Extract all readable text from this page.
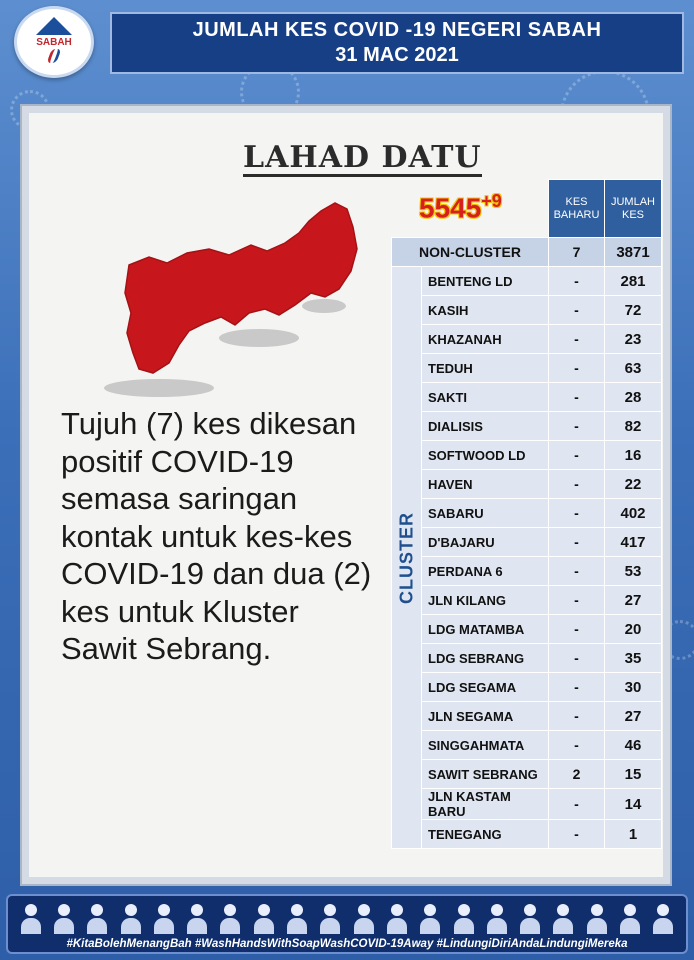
SABAH
JUMLAH KES COVID -19 NEGERI SABAH
31 MAC 2021
LAHAD DATU
$5545^{+9}$
Tujuh (7) kes dikesan positif COVID-19 semasa saringan kontak untuk kes-kes COVID-19 dan dua (2) kes untuk Kluster Sawit Sebrang.
		KES BAHARU	JUMLAH KES
NON-CLUSTER		7	3871

CLUSTER	BENTENG LD	-	281
	KASIH	-	72
	KHAZANAH	-	23
	TEDUH	-	63
	SAKTI	-	28
	DIALISIS	-	82
	SOFTWOOD LD	-	16
	HAVEN	-	22
	SABARU	-	402
	D'BAJARU	-	417
	PERDANA 6	-	53
	JLN KILANG	-	27
	LDG MATAMBA	-	20
	LDG SEBRANG	-	35
	LDG SEGAMA	-	30
	JLN SEGAMA	-	27
	SINGGAHMATA	-	46
	SAWIT SEBRANG	2	15
	JLN KASTAM BARU	-	14
	TENEGANG	-	1
#KitaBolehMenangBah #WashHandsWithSoapWashCOVID-19Away #LindungiDiriAndaLindungiMereka
